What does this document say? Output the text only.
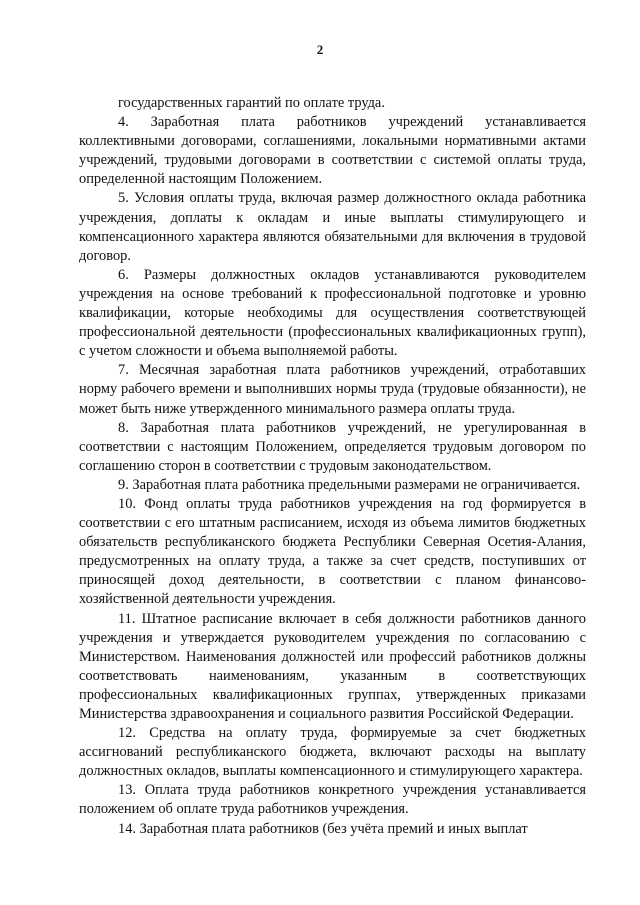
2

государственных гарантий по оплате труда.

4. Заработная плата работников учреждений устанавливается коллективными договорами, соглашениями, локальными нормативными актами учреждений, трудовыми договорами в соответствии с системой оплаты труда, определенной настоящим Положением.

5. Условия оплаты труда, включая размер должностного оклада работника учреждения, доплаты к окладам и иные выплаты стимулирующего и компенсационного характера являются обязательными для включения в трудовой договор.

6. Размеры должностных окладов устанавливаются руководителем учреждения на основе требований к профессиональной подготовке и уровню квалификации, которые необходимы для осуществления соответствующей профессиональной деятельности (профессиональных квалификационных групп), с учетом сложности и объема выполняемой работы.

7. Месячная заработная плата работников учреждений, отработавших норму рабочего времени и выполнивших нормы труда (трудовые обязанности), не может быть ниже утвержденного минимального размера оплаты труда.

8. Заработная плата работников учреждений, не урегулированная в соответствии с настоящим Положением, определяется трудовым договором по соглашению сторон в соответствии с трудовым законодательством.

9. Заработная плата работника предельными размерами не ограничивается.

10. Фонд оплаты труда работников учреждения на год формируется в соответствии с его штатным расписанием, исходя из объема лимитов бюджетных обязательств республиканского бюджета Республики Северная Осетия-Алания, предусмотренных на оплату труда, а также за счет средств, поступивших от приносящей доход деятельности, в соответствии с планом финансово-хозяйственной деятельности учреждения.

11. Штатное расписание включает в себя должности работников данного учреждения и утверждается руководителем учреждения по согласованию с Министерством. Наименования должностей или профессий работников должны соответствовать наименованиям, указанным в соответствующих профессиональных квалификационных группах, утвержденных приказами Министерства здравоохранения и социального развития Российской Федерации.

12. Средства на оплату труда, формируемые за счет бюджетных ассигнований республиканского бюджета, включают расходы на выплату должностных окладов, выплаты компенсационного и стимулирующего характера.

13. Оплата труда работников конкретного учреждения устанавливается положением об оплате труда работников учреждения.

14. Заработная плата работников (без учёта премий и иных выплат
